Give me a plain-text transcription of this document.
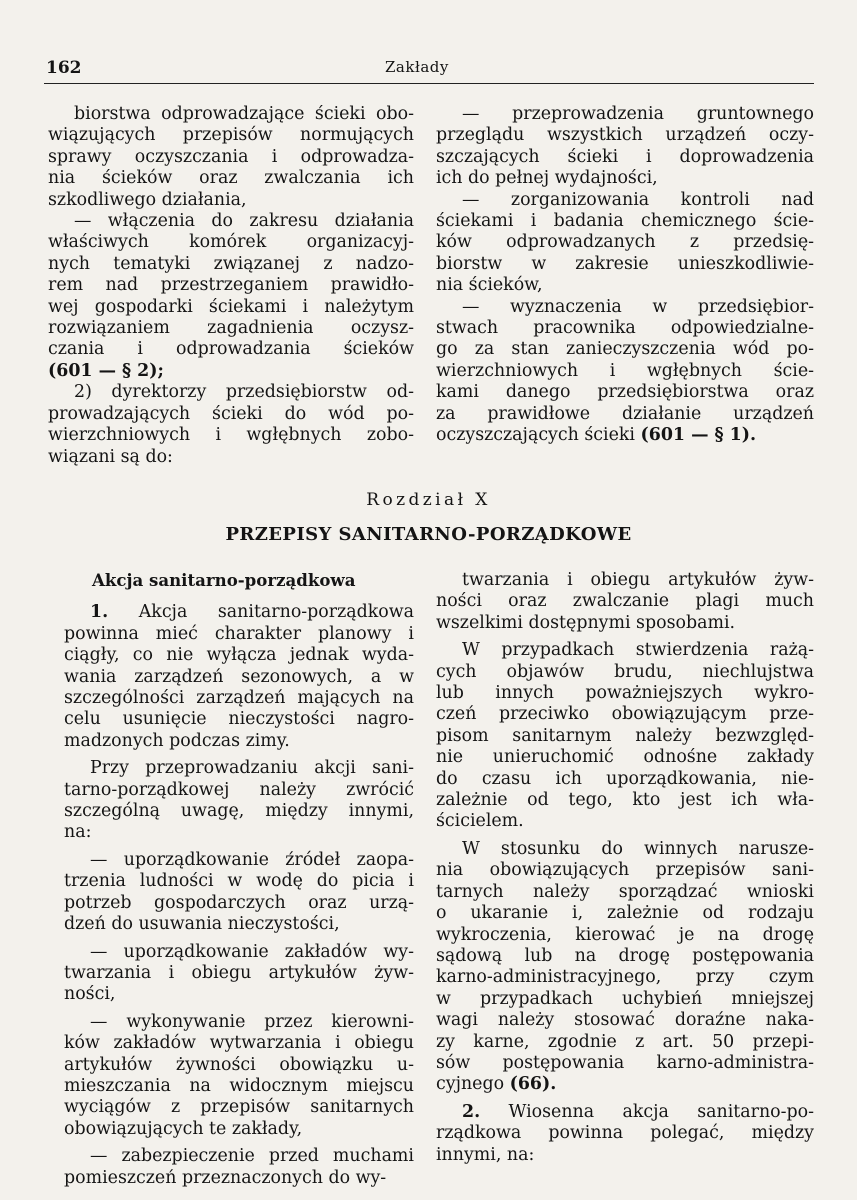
162	Zakłady

biorstwa odprowadzające ścieki obo-
wiązujących przepisów normujących
sprawy oczyszczania i odprowadza-
nia ścieków oraz zwalczania ich
szkodliwego działania,

— włączenia do zakresu działania
właściwych komórek organizacyj-
nych tematyki związanej z nadzo-
rem nad przestrzeganiem prawidło-
wej gospodarki ściekami i należytym
rozwiązaniem zagadnienia oczysz-
czania i odprowadzania ścieków
(601 — § 2);

2) dyrektorzy przedsiębiorstw od-
prowadzających ścieki do wód po-
wierzchniowych i wgłębnych zobo-
wiązani są do:

— przeprowadzenia gruntownego
przeglądu wszystkich urządzeń oczy-
szczających ścieki i doprowadzenia
ich do pełnej wydajności,

— zorganizowania kontroli nad
ściekami i badania chemicznego ście-
ków odprowadzanych z przedsię-
biorstw w zakresie unieszkodliwie-
nia ścieków,

— wyznaczenia w przedsiębior-
stwach pracownika odpowiedzialne-
go za stan zanieczyszczenia wód po-
wierzchniowych i wgłębnych ście-
kami danego przedsiębiorstwa oraz
za prawidłowe działanie urządzeń
oczyszczających ścieki (601 — § 1).

Rozdział X
PRZEPISY SANITARNO-PORZĄDKOWE

Akcja sanitarno-porządkowa

1. Akcja sanitarno-porządkowa
powinna mieć charakter planowy i
ciągły, co nie wyłącza jednak wyda-
wania zarządzeń sezonowych, a w
szczególności zarządzeń mających na
celu usunięcie nieczystości nagro-
madzonych podczas zimy.

Przy przeprowadzaniu akcji sani-
tarno-porządkowej należy zwrócić
szczególną uwagę, między innymi,
na:

— uporządkowanie źródeł zaopa-
trzenia ludności w wodę do picia i
potrzeb gospodarczych oraz urzą-
dzeń do usuwania nieczystości,

— uporządkowanie zakładów wy-
twarzania i obiegu artykułów żyw-
ności,

— wykonywanie przez kierowni-
ków zakładów wytwarzania i obiegu
artykułów żywności obowiązku u-
mieszczania na widocznym miejscu
wyciągów z przepisów sanitarnych
obowiązujących te zakłady,

— zabezpieczenie przed muchami
pomieszczeń przeznaczonych do wy-

twarzania i obiegu artykułów żyw-
ności oraz zwalczanie plagi much
wszelkimi dostępnymi sposobami.

W przypadkach stwierdzenia rażą-
cych objawów brudu, niechlujstwa
lub innych poważniejszych wykro-
czeń przeciwko obowiązującym prze-
pisom sanitarnym należy bezwzględ-
nie unieruchomić odnośne zakłady
do czasu ich uporządkowania, nie-
zależnie od tego, kto jest ich wła-
ścicielem.

W stosunku do winnych narusze-
nia obowiązujących przepisów sani-
tarnych należy sporządzać wnioski
o ukaranie i, zależnie od rodzaju
wykroczenia, kierować je na drogę
sądową lub na drogę postępowania
karno-administracyjnego, przy czym
w przypadkach uchybień mniejszej
wagi należy stosować doraźne naka-
zy karne, zgodnie z art. 50 przepi-
sów postępowania karno-administra-
cyjnego (66).

2. Wiosenna akcja sanitarno-po-
rządkowa powinna polegać, między
innymi, na:
